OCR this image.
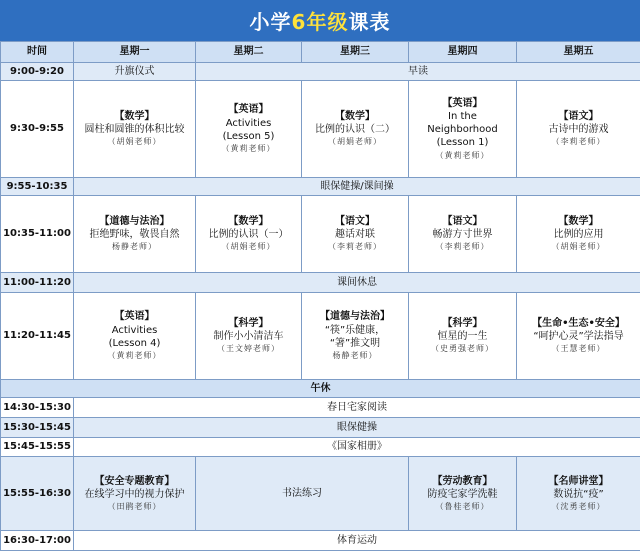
小学6年级课表
时间	星期一	星期二	星期三	星期四	星期五
9:00-9:20	升旗仪式	早读			
9:30-9:55	【数学】
圆柱和圆锥的体积比较
（胡娟老师）	【英语】
Activities
(Lesson 5)
（黄莉老师）	【数学】
比例的认识（二）
（胡娟老师）	【英语】
In the
Neighborhood
(Lesson 1)
（黄莉老师）	【语文】
古诗中的游戏
（李莉老师）

9:55-10:35	眼保健操/课间操				
10:35-11:00	【道德与法治】
拒绝野味，敬畏自然
杨静老师）	【数学】
比例的认识（一）
（胡娟老师）	【语文】
趣话对联
（李莉老师）	【语文】
畅游方寸世界
（李莉老师）	【数学】
比例的应用
（胡娟老师）

11:00-11:20	课间休息				
11:20-11:45	【英语】
Activities
(Lesson 4)
（黄莉老师）	【科学】
制作小小清洁车
（王文婷老师）	【道德与法治】
“筷”乐健康，
“箸”推文明
杨静老师）	【科学】
恒星的一生
（史勇强老师）	【生命•生态•安全】
“呵护心灵”学法指导
（王慧老师）

午休					
14:30-15:30	春日宅家阅读				
15:30-15:45	眼保健操				
15:45-15:55	《国家相册》				
15:55-16:30	【安全专题教育】
在线学习中的视力保护
（田鹃老师）	书法练习		【劳动教育】
防疫宅家学洗鞋
（鲁桂老师）	【名师讲堂】
数说抗“疫”
（沈勇老师）

16:30-17:00	体育运动				
